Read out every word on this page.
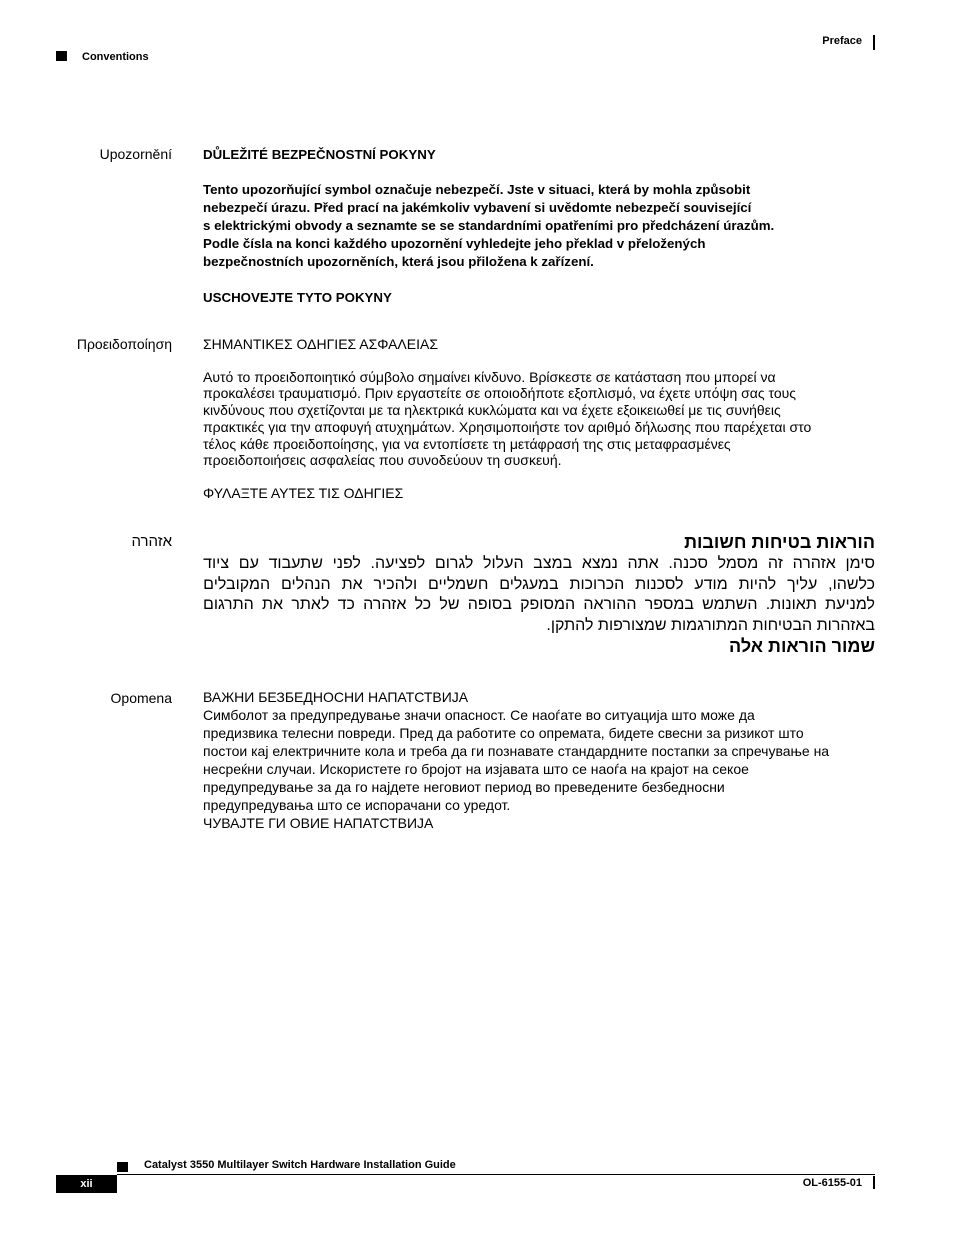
Preface
Conventions
Upozornění DŮLEŽITÉ BEZPEČNOSTNÍ POKYNY
Tento upozorňující symbol označuje nebezpečí. Jste v situaci, která by mohla způsobit
nebezpečí úrazu. Před prací na jakémkoliv vybavení si uvědomte nebezpečí související
s elektrickými obvody a seznamte se se standardními opatřeními pro předcházení úrazům.
Podle čísla na konci každého upozornění vyhledejte jeho překlad v přeložených
bezpečnostních upozorněních, která jsou přiložena k zařízení.
USCHOVEJTE TYTO POKYNY
Προειδοποίηση ΣΗΜΑΝΤΙΚΕΣ ΟΔΗΓΙΕΣ ΑΣΦΑΛΕΙΑΣ
Αυτό το προειδοποιητικό σύμβολο σημαίνει κίνδυνο. Βρίσκεστε σε κατάσταση που μπορεί να
προκαλέσει τραυματισμό. Πριν εργαστείτε σε οποιοδήποτε εξοπλισμό, να έχετε υπόψη σας τους
κινδύνους που σχετίζονται με τα ηλεκτρικά κυκλώματα και να έχετε εξοικειωθεί με τις συνήθεις
πρακτικές για την αποφυγή ατυχημάτων. Χρησιμοποιήστε τον αριθμό δήλωσης που παρέχεται στο
τέλος κάθε προειδοποίησης, για να εντοπίσετε τη μετάφρασή της στις μεταφρασμένες
προειδοποιήσεις ασφαλείας που συνοδεύουν τη συσκευή.
ΦΥΛΑΞΤΕ ΑΥΤΕΣ ΤΙΣ ΟΔΗΓΙΕΣ
אזהרה	הוראות בטיחות חשובות
סימן
אזהרה
זה
מסמל
סכנה.
אתה
נמצא
במצב
העלול
לגרום
לפציעה.
לפני
שתעבוד
עם
ציוד
כלשהו,
עליך
להיות
מודע
לסכנות
הכרוכות
במעגלים
חשמליים
ולהכיר
את
הנהלים
המקובלים
למניעת
תאונות.
השתמש
במספר
ההוראה
המסופק
בסופה
של
כל
אזהרה
כד
לאתר
את
התרגום
באזהרות הבטיחות המתורגמות שמצורפות להתקן.
שמור הוראות אלה
Opomena ВАЖНИ БЕЗБЕДНОСНИ НАПАТСТВИЈА
Симболот за предупредување значи опасност. Се наоѓате во ситуација што може да
предизвика телесни повреди. Пред да работите со опремата, бидете свесни за ризикот што
постои кај електричните кола и треба да ги познавате стандардните постапки за спречување на
несреќни случаи. Искористете го бројот на изјавата што се наоѓа на крајот на секое
предупредување за да го најдете неговиот период во преведените безбедносни
предупредувања што се испорачани со уредот.
ЧУВАЈТЕ ГИ ОВИЕ НАПАТСТВИЈА
Catalyst 3550 Multilayer Switch Hardware Installation Guide
xii	OL-6155-01
